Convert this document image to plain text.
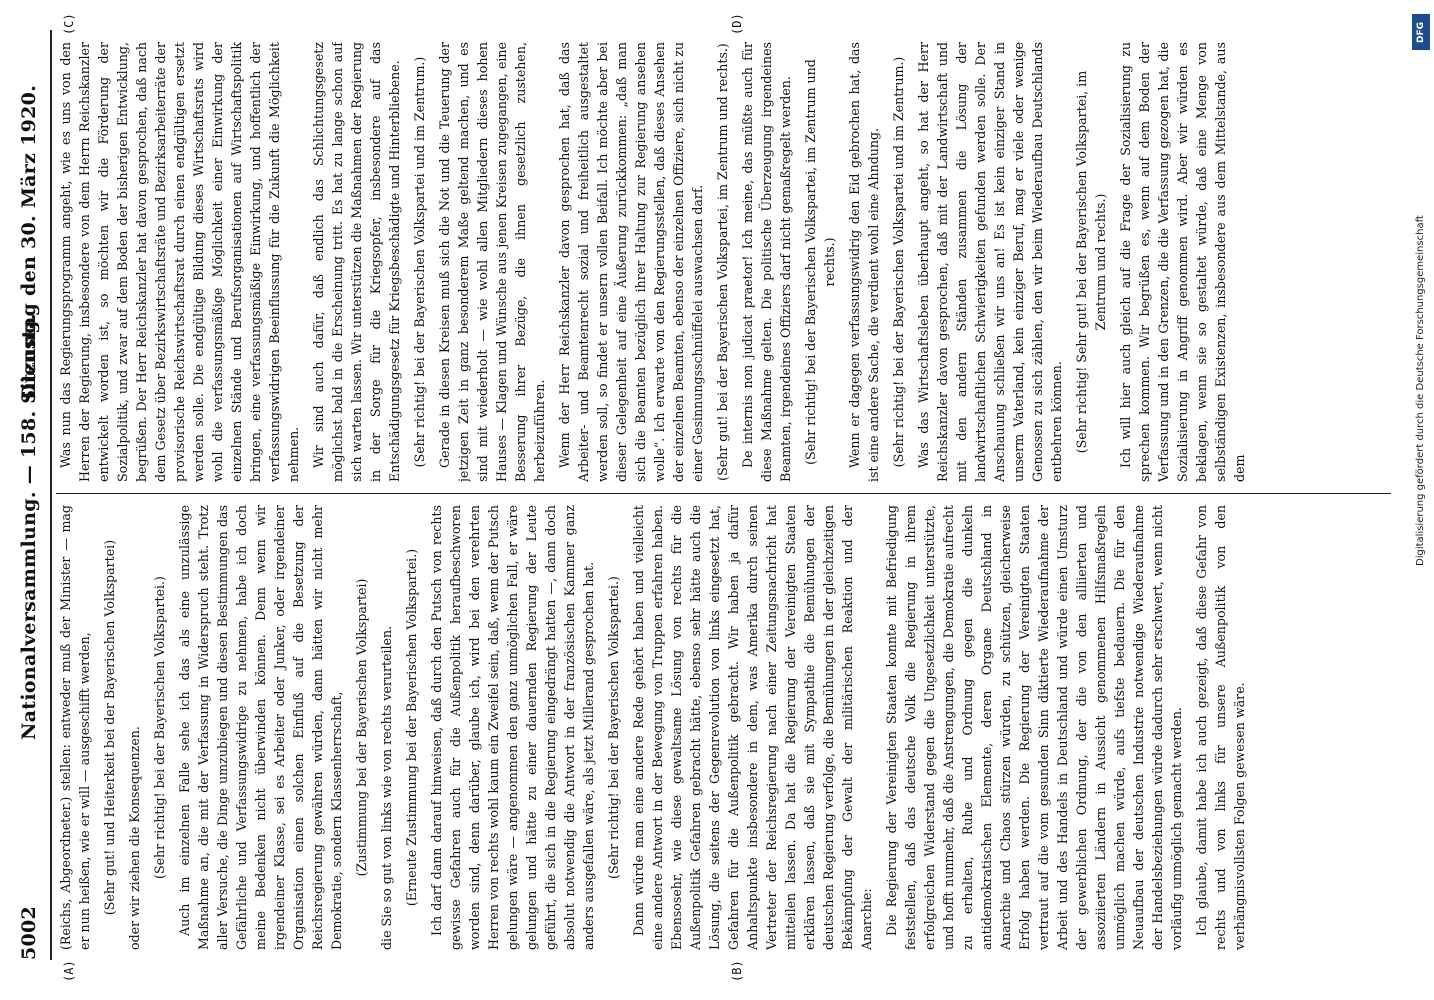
5002
Nationalversammlung. — 158. Sitzung.
Dienstag den 30. März 1920.
(A)	(B)
(C)	(D)

(Reichs, Abgeordneter.) stellen: entweder muß der Minister — mag er nun heißen, wie er will — ausgeschifft werden, (Sehr gut! und Heiterkeit bei der Bayerischen Volkspartei) oder wir ziehen die Konsequenzen. (Sehr richtig! bei der Bayerischen Volkspartei.) Auch im einzelnen Falle sehe ich das als eine unzulässige Maßnahme an, die mit der Verfassung in Widerspruch steht. Trotz aller Versuche, die Dinge umzubiegen und diesen Bestimmungen das Gefährliche und Verfassungswidrige zu nehmen, habe ich doch meine Bedenken nicht überwinden können. Denn wenn wir irgendeiner Klasse, sei es Arbeiter oder Junker, oder irgendeiner Organisation einen solchen Einfluß auf die Besetzung der Reichsregierung gewähren würden, dann hätten wir nicht mehr Demokratie, sondern Klassenherrschaft, (Zustimmung bei der Bayerischen Volkspartei) die Sie so gut von links wie von rechts verurteilen. (Erneute Zustimmung bei der Bayerischen Volkspartei.) Ich darf dann darauf hinweisen, daß durch den Putsch von rechts gewisse Gefahren auch für die Außenpolitik heraufbeschworen worden sind, denn darüber, glaube ich, wird bei den verehrten Herren von rechts wohl kaum ein Zweifel sein, daß, wenn der Putsch gelungen wäre — angenommen den ganz unmöglichen Fall, er wäre gelungen und hätte zu einer dauernden Regierung der Leute geführt, die sich in die Regierung eingedrängt hatten —, dann doch absolut notwendig die Antwort in der französischen Kammer ganz anders ausgefallen wäre, als jetzt Millerand gesprochen hat. (Sehr richtig! bei der Bayerischen Volkspartei.) Dann würde man eine andere Rede gehört haben und vielleicht eine andere Antwort in der Bewegung von Truppen erfahren haben. Ebensosehr, wie diese gewaltsame Lösung von rechts für die Außenpolitik Gefahren gebracht hätte, ebenso sehr hätte auch die Lösung, die seitens der Gegenrevolution von links eingesetzt hat, Gefahren für die Außenpolitik gebracht. Wir haben ja dafür Anhaltspunkte insbesondere in dem, was Amerika durch seinen Vertreter der Reichsregierung nach einer Zeitungsnachricht hat mitteilen lassen. Da hat die Regierung der Vereinigten Staaten erklären lassen, daß sie mit Sympathie die Bemühungen der deutschen Regierung verfolge, die Bemühungen in der gleichzeitigen Bekämpfung der Gewalt der militärischen Reaktion und der Anarchie: Die Regierung der Vereinigten Staaten konnte mit Befriedigung feststellen, daß das deutsche Volk die Regierung in ihrem erfolgreichen Widerstand gegen die Ungesetzlichkeit unterstützte, und hofft nunmehr, daß die Anstrengungen, die Demokratie aufrecht zu erhalten, Ruhe und Ordnung gegen die dunkeln antidemokratischen Elemente, deren Organe Deutschland in Anarchie und Chaos stürzen würden, zu schützen, gleicherweise Erfolg haben werden. Die Regierung der Vereinigten Staaten vertraut auf die vom gesunden Sinn diktierte Wiederaufnahme der Arbeit und des Handels in Deutschland und würde einen Umsturz der gewerblichen Ordnung, der die von den alliierten und assoziierten Ländern in Aussicht genommenen Hilfsmaßregeln unmöglich machen würde, aufs tiefste bedauern. Die für den Neuaufbau der deutschen Industrie notwendige Wiederaufnahme der Handelsbeziehungen würde dadurch sehr erschwert, wenn nicht vorläufig unmöglich gemacht werden. Ich glaube, damit habe ich auch gezeigt, daß diese Gefahr von rechts und von links für unsere Außenpolitik von den verhängnisvollsten Folgen gewesen wäre.

Was nun das Regierungsprogramm angeht, wie es uns von den Herren der Regierung, insbesondere von dem Herrn Reichskanzler entwickelt worden ist, so möchten wir die Förderung der Sozialpolitik, und zwar auf dem Boden der bisherigen Entwicklung, begrüßen. Der Herr Reichskanzler hat davon gesprochen, daß nach dem Gesetz über Bezirkswirtschaftsräte und Bezirksarbeiterräte der provisorische Reichswirtschaftsrat durch einen endgültigen ersetzt werden solle. Die endgültige Bildung dieses Wirtschaftsrats wird wohl die verfassungsmäßige Möglichkeit einer Einwirkung der einzelnen Stände und Berufsorganisationen auf Wirtschaftspolitik bringen, eine verfassungsmäßige Einwirkung, und hoffentlich der verfassungswidrigen Beeinflussung für die Zukunft die Möglichkeit nehmen. Wir sind auch dafür, daß endlich das Schlichtungsgesetz möglichst bald in die Erscheinung tritt. Es hat zu lange schon auf sich warten lassen. Wir unterstützen die Maßnahmen der Regierung in der Sorge für die Kriegsopfer, insbesondere auf das Entschädigungsgesetz für Kriegsbeschädigte und Hinterbliebene. (Sehr richtig! bei der Bayerischen Volkspartei und im Zentrum.) Gerade in diesen Kreisen muß sich die Not und die Teuerung der jetzigen Zeit in ganz besonderem Maße geltend machen, und es sind mit wiederholt — wie wohl allen Mitgliedern dieses hohen Hauses — Klagen und Wünsche aus jenen Kreisen zugegangen, eine Besserung ihrer Bezüge, die ihnen gesetzlich zustehen, herbeizuführen. Wenn der Herr Reichskanzler davon gesprochen hat, daß das Arbeiter- und Beamtenrecht sozial und freiheitlich ausgestaltet werden soll, so findet er unsern vollen Beifall. Ich möchte aber bei dieser Gelegenheit auf eine Äußerung zurückkommen: „daß man sich die Beamten bezüglich ihrer Haltung zur Regierung ansehen wolle“. Ich erwarte von den Regierungsstellen, daß dieses Ansehen der einzelnen Beamten, ebenso der einzelnen Offiziere, sich nicht zu einer Gesinnungsschnüffelei auswachsen darf. (Sehr gut! bei der Bayerischen Volkspartei, im Zentrum und rechts.) De internis non judicat praetor! Ich meine, das müßte auch für diese Maßnahme gelten. Die politische Überzeugung irgendeines Beamten, irgendeines Offiziers darf nicht gemaßregelt werden. (Sehr richtig! bei der Bayerischen Volkspartei, im Zentrum und rechts.) Wenn er dagegen verfassungswidrig den Eid gebrochen hat, das ist eine andere Sache, die verdient wohl eine Ahndung. (Sehr richtig! bei der Bayerischen Volkspartei und im Zentrum.) Was das Wirtschaftsleben überhaupt angeht, so hat der Herr Reichskanzler davon gesprochen, daß mit der Landwirtschaft und mit den andern Ständen zusammen die Lösung der landwirtschaftlichen Schwierigkeiten gefunden werden solle. Der Anschauung schließen wir uns an! Es ist kein einziger Stand in unserm Vaterland, kein einziger Beruf, mag er viele oder wenige Genossen zu sich zählen, den wir beim Wiederaufbau Deutschlands entbehren können. (Sehr richtig! Sehr gut! bei der Bayerischen Volkspartei, im Zentrum und rechts.) Ich will hier auch gleich auf die Frage der Sozialisierung zu sprechen kommen. Wir begrüßen es, wenn auf dem Boden der Verfassung und in den Grenzen, die die Verfassung gezogen hat, die Sozialisierung in Angriff genommen wird. Aber wir würden es beklagen, wenn sie so gestaltet würde, daß eine Menge von selbständigen Existenzen, insbesondere aus dem Mittelstande, aus dem

DFG
Digitalisierung gefördert durch die Deutsche Forschungsgemeinschaft
